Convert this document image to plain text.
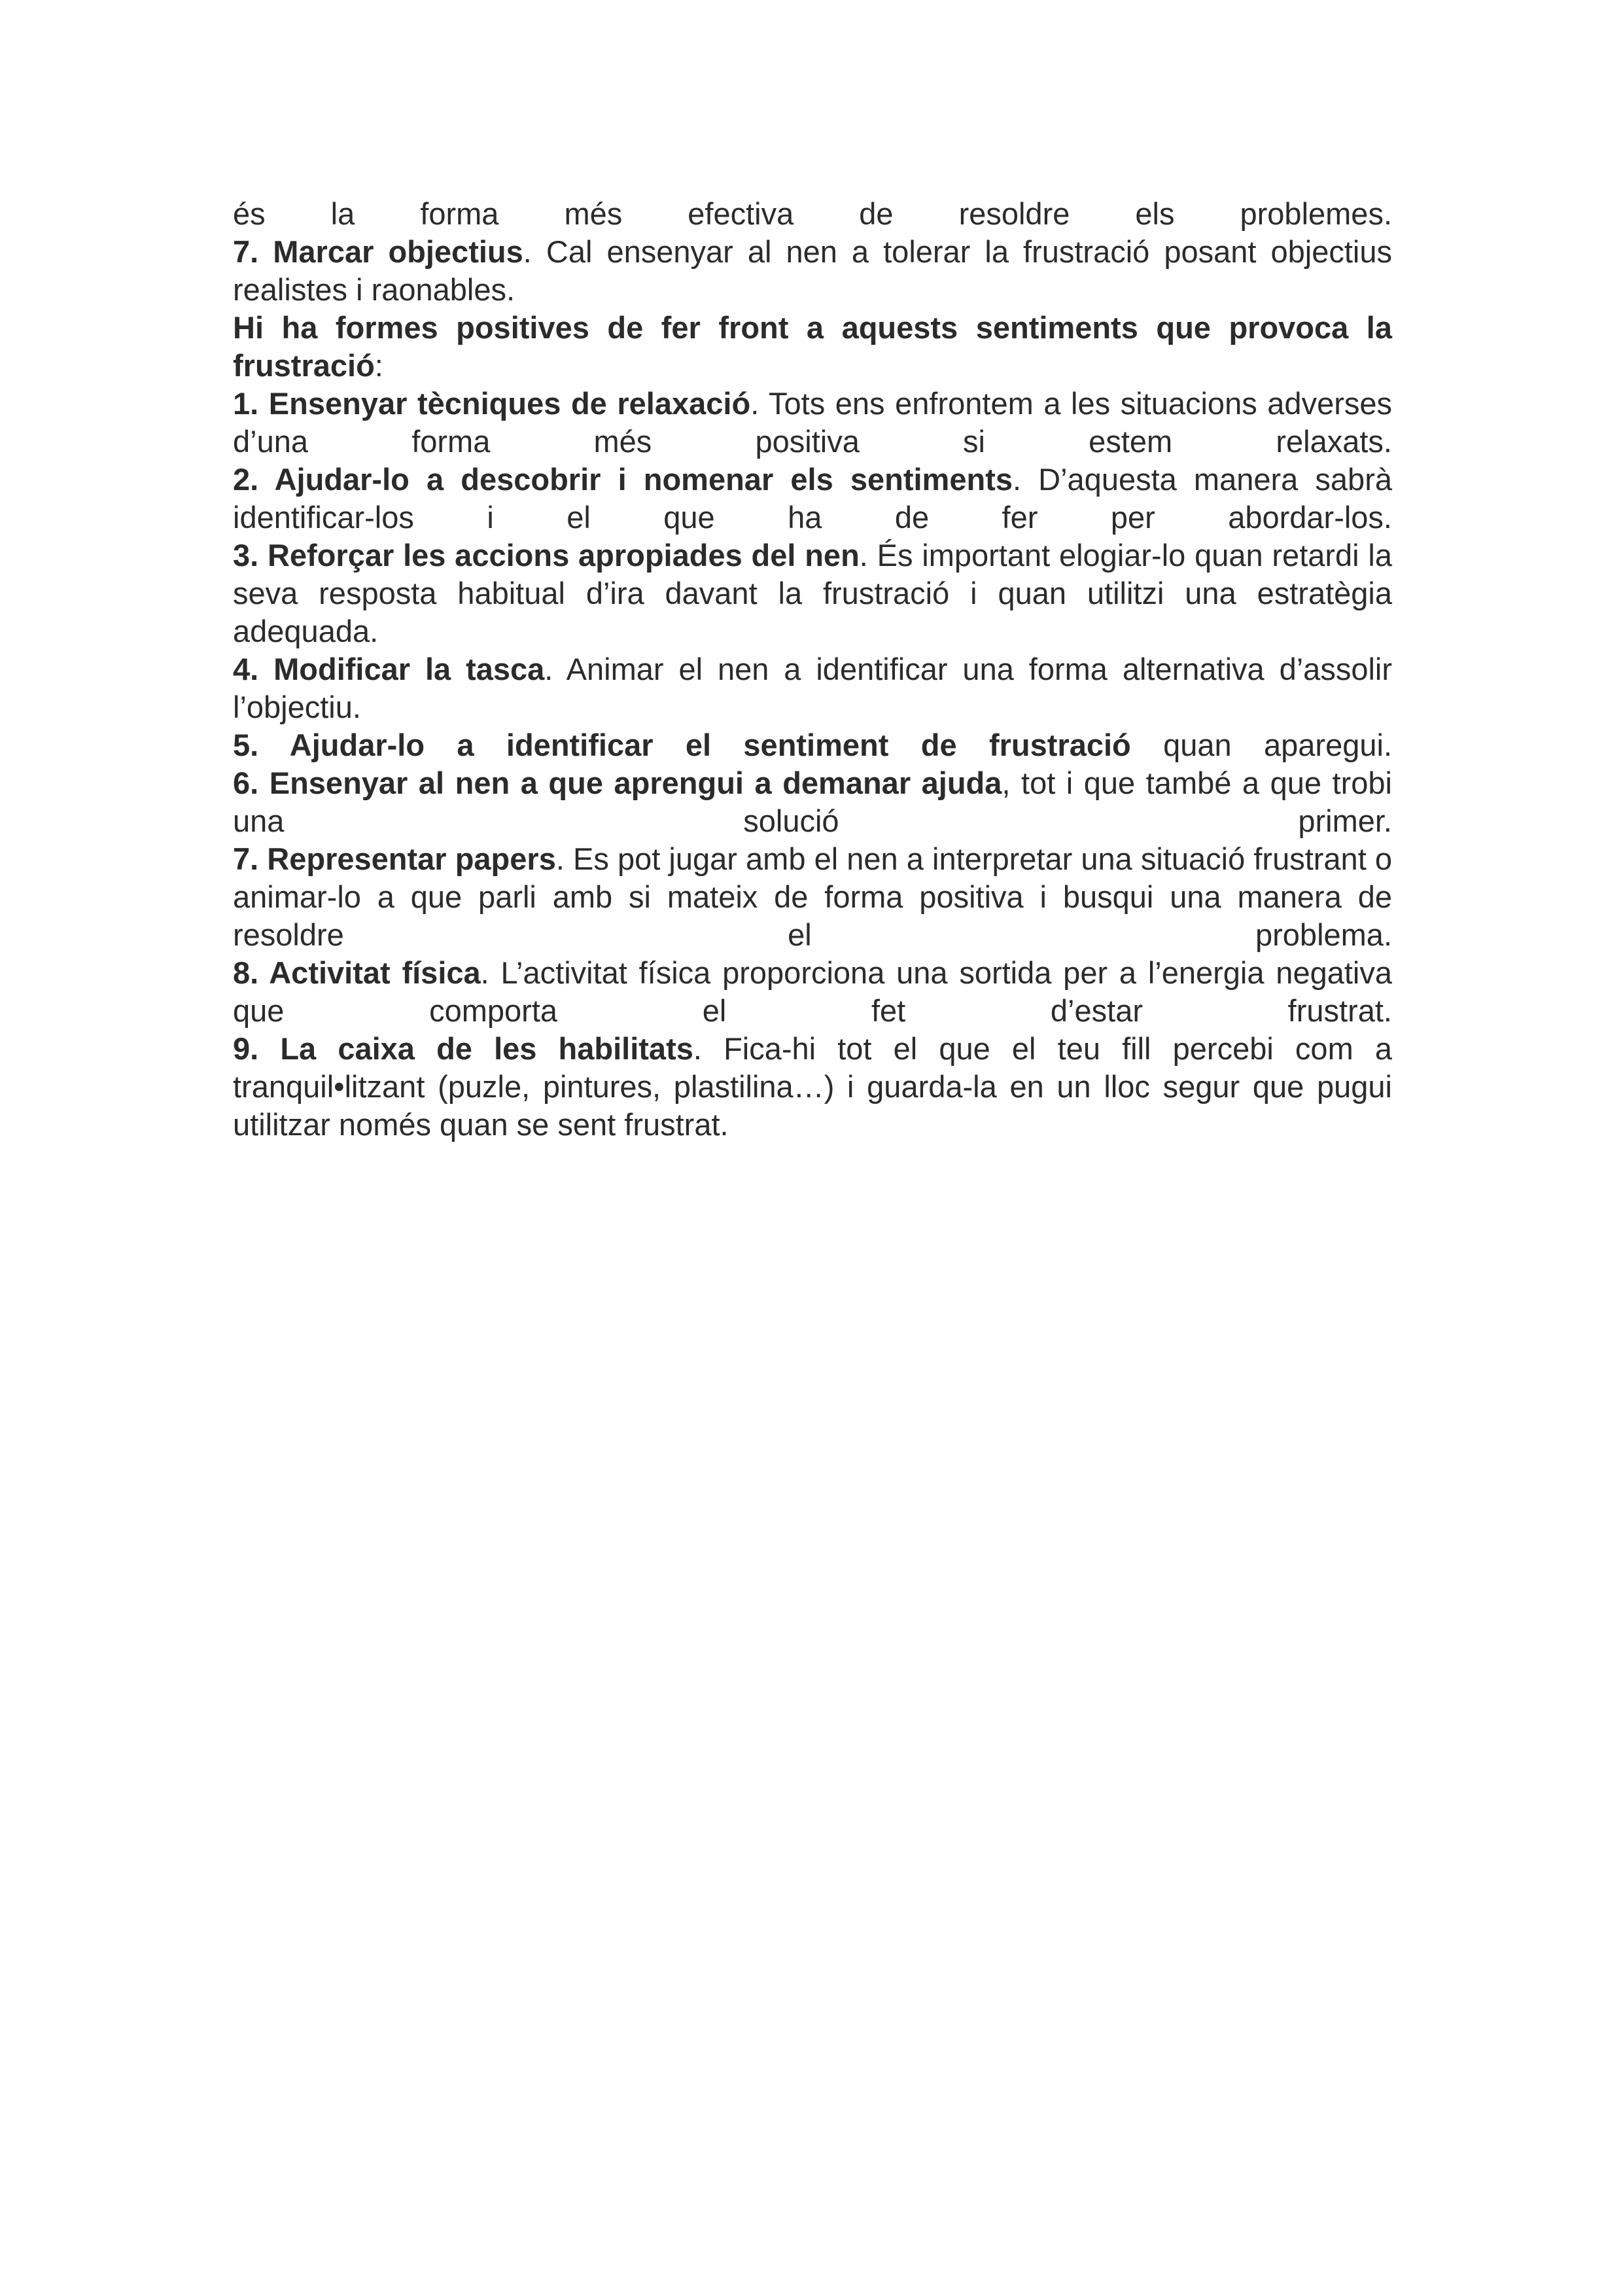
és la forma més efectiva de resoldre els problemes.

7. Marcar objectius. Cal ensenyar al nen a tolerar la frustració posant objectius realistes i raonables.

Hi ha formes positives de fer front a aquests sentiments que provoca la frustració:

1. Ensenyar tècniques de relaxació. Tots ens enfrontem a les situacions adverses d’una forma més positiva si estem relaxats.

2. Ajudar-lo a descobrir i nomenar els sentiments. D’aquesta manera sabrà identificar-los i el que ha de fer per abordar-los.

3. Reforçar les accions apropiades del nen. És important elogiar-lo quan retardi la seva resposta habitual d’ira davant la frustració i quan utilitzi una estratègia adequada.

4. Modificar la tasca. Animar el nen a identificar una forma alternativa d’assolir l’objectiu.

5. Ajudar-lo a identificar el sentiment de frustració quan aparegui.

6. Ensenyar al nen a que aprengui a demanar ajuda, tot i que també a que trobi una solució primer.

7. Representar papers. Es pot jugar amb el nen a interpretar una situació frustrant o animar-lo a que parli amb si mateix de forma positiva i busqui una manera de resoldre el problema.

8. Activitat física. L’activitat física proporciona una sortida per a l’energia negativa que comporta el fet d’estar frustrat.

9. La caixa de les habilitats. Fica-hi tot el que el teu fill percebi com a tranquil•litzant (puzle, pintures, plastilina…) i guarda-la en un lloc segur que pugui utilitzar només quan se sent frustrat.
